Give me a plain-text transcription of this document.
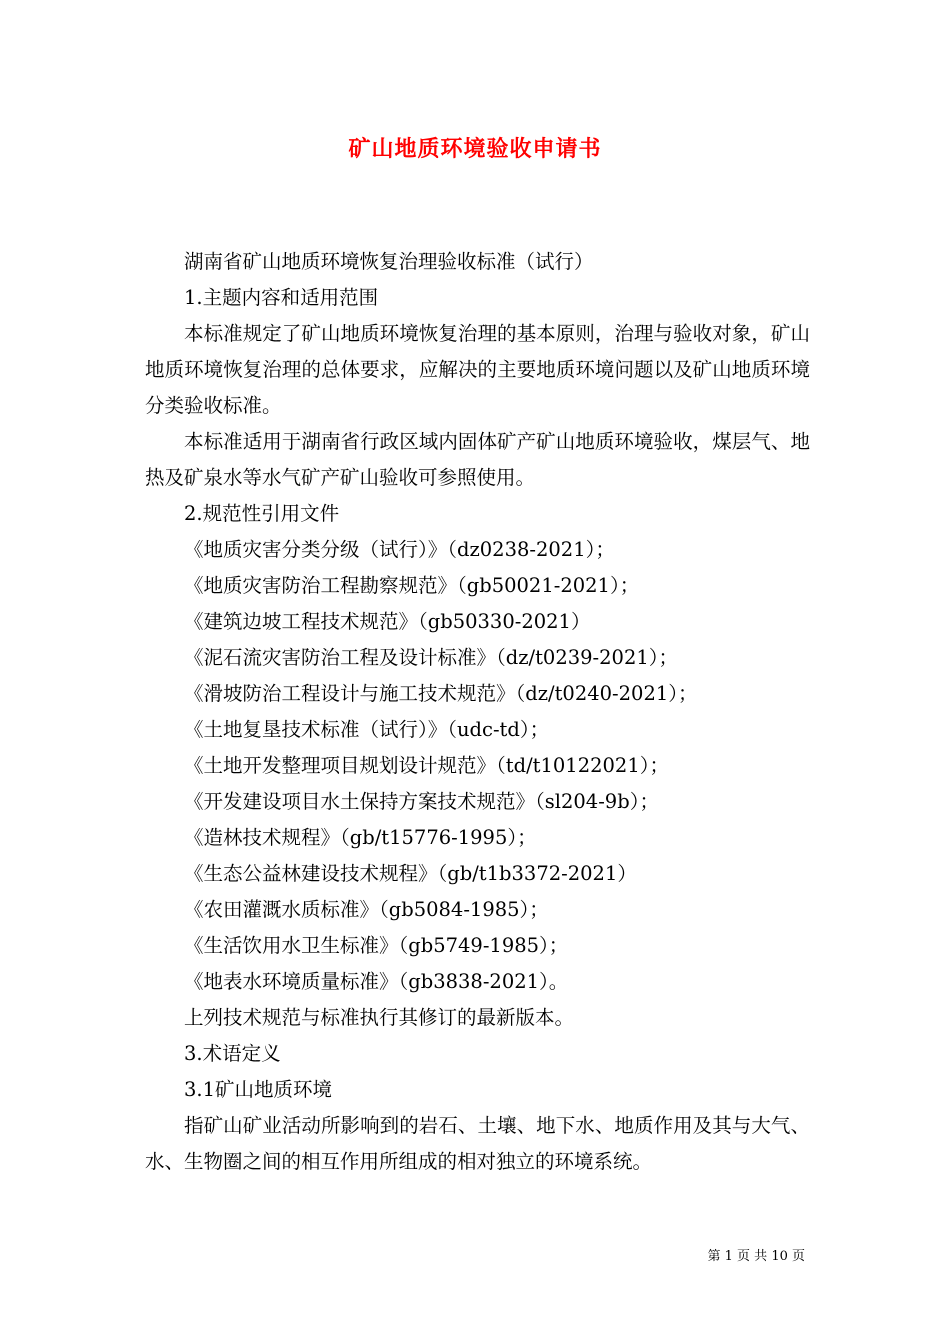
矿山地质环境验收申请书

湖南省矿山地质环境恢复治理验收标准（试行）

1.主题内容和适用范围

本标准规定了矿山地质环境恢复治理的基本原则，治理与验收对象，矿山地质环境恢复治理的总体要求，应解决的主要地质环境问题以及矿山地质环境分类验收标准。

本标准适用于湖南省行政区域内固体矿产矿山地质环境验收，煤层气、地热及矿泉水等水气矿产矿山验收可参照使用。

2.规范性引用文件

《地质灾害分类分级（试行）》（dz0238-2021）；

《地质灾害防治工程勘察规范》（gb50021-2021）；

《建筑边坡工程技术规范》（gb50330-2021）

《泥石流灾害防治工程及设计标准》（dz/t0239-2021）；

《滑坡防治工程设计与施工技术规范》（dz/t0240-2021）；

《土地复垦技术标准（试行）》（udc-td）；

《土地开发整理项目规划设计规范》（td/t10122021）；

《开发建设项目水土保持方案技术规范》（sl204-9b）；

《造林技术规程》（gb/t15776-1995）；

《生态公益林建设技术规程》（gb/t1b3372-2021）

《农田灌溉水质标准》（gb5084-1985）；

《生活饮用水卫生标准》（gb5749-1985）；

《地表水环境质量标准》（gb3838-2021）。

上列技术规范与标准执行其修订的最新版本。

3.术语定义

3.1矿山地质环境

指矿山矿业活动所影响到的岩石、土壤、地下水、地质作用及其与大气、水、生物圈之间的相互作用所组成的相对独立的环境系统。

第 1 页 共 10 页
